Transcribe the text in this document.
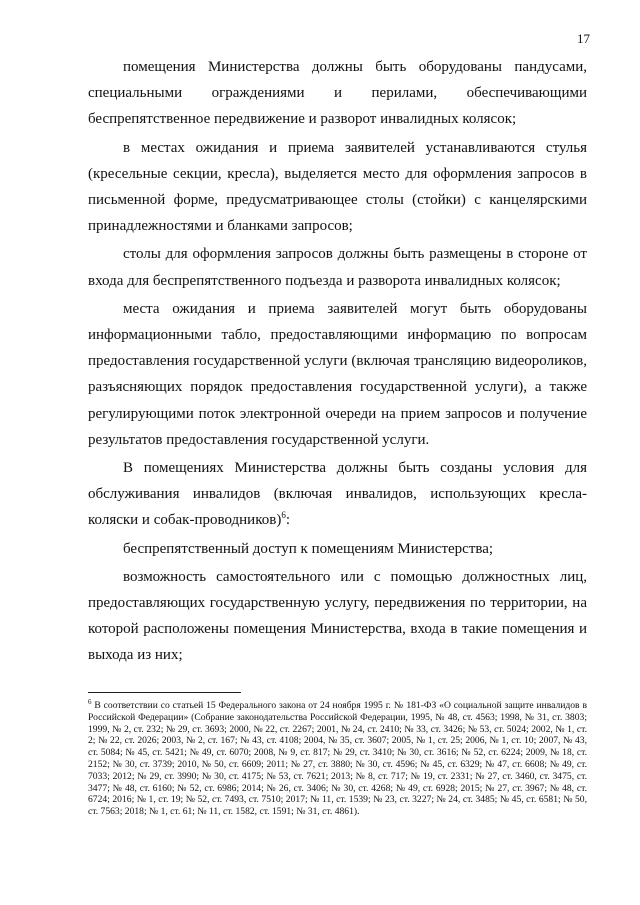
17

помещения Министерства должны быть оборудованы пандусами, специальными ограждениями и перилами, обеспечивающими беспрепятственное передвижение и разворот инвалидных колясок;

в местах ожидания и приема заявителей устанавливаются стулья (кресельные секции, кресла), выделяется место для оформления запросов в письменной форме, предусматривающее столы (стойки) с канцелярскими принадлежностями и бланками запросов;

столы для оформления запросов должны быть размещены в стороне от входа для беспрепятственного подъезда и разворота инвалидных колясок;

места ожидания и приема заявителей могут быть оборудованы информационными табло, предоставляющими информацию по вопросам предоставления государственной услуги (включая трансляцию видеороликов, разъясняющих порядок предоставления государственной услуги), а также регулирующими поток электронной очереди на прием запросов и получение результатов предоставления государственной услуги.

В помещениях Министерства должны быть созданы условия для обслуживания инвалидов (включая инвалидов, использующих кресла-коляски и собак-проводников)$^6$:

беспрепятственный доступ к помещениям Министерства;

возможность самостоятельного или с помощью должностных лиц, предоставляющих государственную услугу, передвижения по территории, на которой расположены помещения Министерства, входа в такие помещения и выхода из них;

$^6$ В соответствии со статьей 15 Федерального закона от 24 ноября 1995 г. № 181-ФЗ «О социальной защите инвалидов в Российской Федерации» (Собрание законодательства Российской Федерации, 1995, № 48, ст. 4563; 1998, № 31, ст. 3803; 1999, № 2, ст. 232; № 29, ст. 3693; 2000, № 22, ст. 2267; 2001, № 24, ст. 2410; № 33, ст. 3426; № 53, ст. 5024; 2002, № 1, ст. 2; № 22, ст. 2026; 2003, № 2, ст. 167; № 43, ст. 4108; 2004, № 35, ст. 3607; 2005, № 1, ст. 25; 2006, № 1, ст. 10; 2007, № 43, ст. 5084; № 45, ст. 5421; № 49, ст. 6070; 2008, № 9, ст. 817; № 29, ст. 3410; № 30, ст. 3616; № 52, ст. 6224; 2009, № 18, ст. 2152; № 30, ст. 3739; 2010, № 50, ст. 6609; 2011; № 27, ст. 3880; № 30, ст. 4596; № 45, ст. 6329; № 47, ст. 6608; № 49, ст. 7033; 2012; № 29, ст. 3990; № 30, ст. 4175; № 53, ст. 7621; 2013; № 8, ст. 717; № 19, ст. 2331; № 27, ст. 3460, ст. 3475, ст. 3477; № 48, ст. 6160; № 52, ст. 6986; 2014; № 26, ст. 3406; № 30, ст. 4268; № 49, ст. 6928; 2015; № 27, ст. 3967; № 48, ст. 6724; 2016; № 1, ст. 19; № 52, ст. 7493, ст. 7510; 2017; № 11, ст. 1539; № 23, ст. 3227; № 24, ст. 3485; № 45, ст. 6581; № 50, ст. 7563; 2018; № 1, ст. 61; № 11, ст. 1582, ст. 1591; № 31, ст. 4861).
